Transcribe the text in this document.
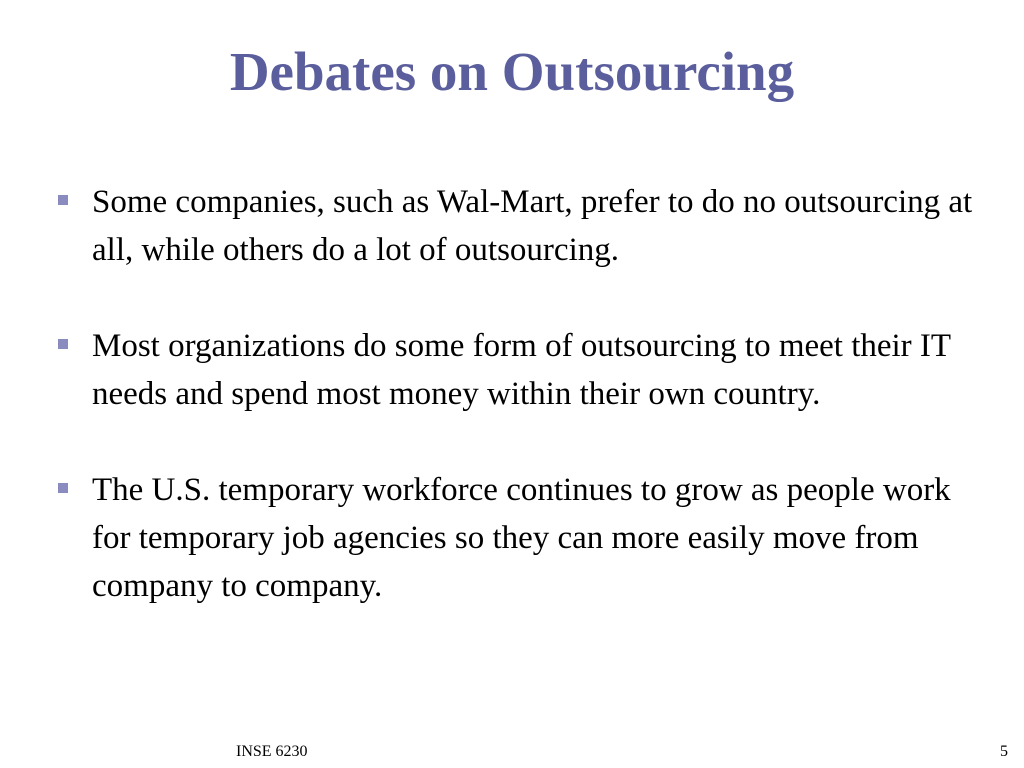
Debates on Outsourcing
Some companies, such as Wal-Mart, prefer to do no outsourcing at all, while others do a lot of outsourcing.
Most organizations do some form of outsourcing to meet their IT needs and spend most money within their own country.
The U.S. temporary workforce continues to grow as people work for temporary job agencies so they can more easily move from company to company.
INSE 6230	5
